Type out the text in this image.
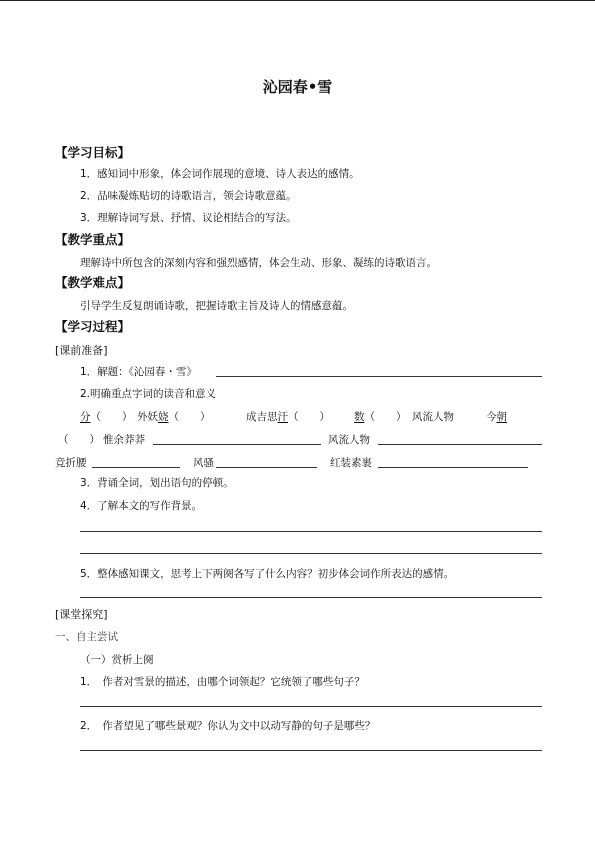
沁园春•雪
【学习目标】
1．感知词中形象，体会词作展现的意境、诗人表达的感情。
2．品味凝炼贴切的诗歌语言，领会诗歌意蕴。
3．理解诗词写景、抒情、议论相结合的写法。
【教学重点】
理解诗中所包含的深刻内容和强烈感情，体会生动、形象、凝练的诗歌语言。
【教学难点】
引导学生反复朗诵诗歌，把握诗歌主旨及诗人的情感意蕴。
【学习过程】
[课前准备]
1．解题：《沁园春・雪》
2.明确重点字词的读音和意义
分（　　） 外妖娆（　　）	成吉思汗（　　） 数（　　） 风流人物	今朝
（　　） 惟余莽莽	风流人物
竞折腰	风骚	红装素裹
3．背诵全词，划出语句的停顿。
4．了解本文的写作背景。
5．整体感知课文，思考上下两阕各写了什么内容？初步体会词作所表达的感情。
[课堂探究]
一、自主尝试
（一）赏析上阕
1．　作者对雪景的描述，由哪个词领起？它统领了哪些句子？
2．　作者望见了哪些景观？你认为文中以动写静的句子是哪些？
